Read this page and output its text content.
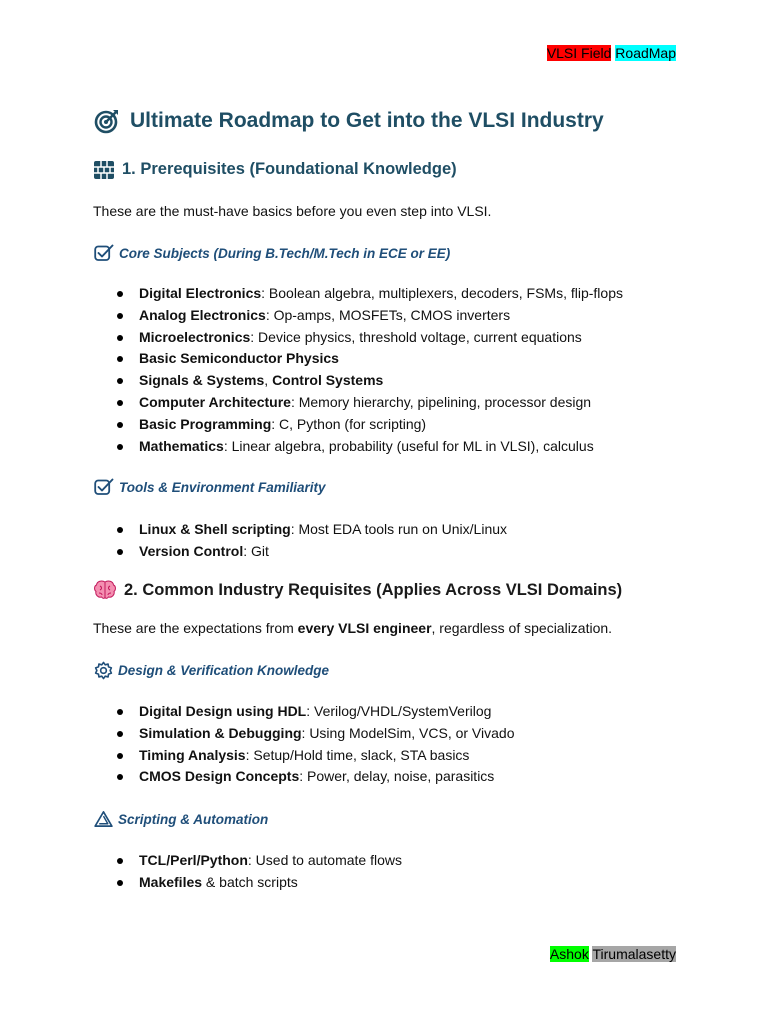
VLSI Field RoadMap
Ultimate Roadmap to Get into the VLSI Industry
1. Prerequisites (Foundational Knowledge)
These are the must-have basics before you even step into VLSI.
Core Subjects (During B.Tech/M.Tech in ECE or EE)
Digital Electronics: Boolean algebra, multiplexers, decoders, FSMs, flip-flops
Analog Electronics: Op-amps, MOSFETs, CMOS inverters
Microelectronics: Device physics, threshold voltage, current equations
Basic Semiconductor Physics
Signals & Systems, Control Systems
Computer Architecture: Memory hierarchy, pipelining, processor design
Basic Programming: C, Python (for scripting)
Mathematics: Linear algebra, probability (useful for ML in VLSI), calculus
Tools & Environment Familiarity
Linux & Shell scripting: Most EDA tools run on Unix/Linux
Version Control: Git
2. Common Industry Requisites (Applies Across VLSI Domains)
These are the expectations from every VLSI engineer, regardless of specialization.
Design & Verification Knowledge
Digital Design using HDL: Verilog/VHDL/SystemVerilog
Simulation & Debugging: Using ModelSim, VCS, or Vivado
Timing Analysis: Setup/Hold time, slack, STA basics
CMOS Design Concepts: Power, delay, noise, parasitics
Scripting & Automation
TCL/Perl/Python: Used to automate flows
Makefiles & batch scripts
Ashok Tirumalasetty
